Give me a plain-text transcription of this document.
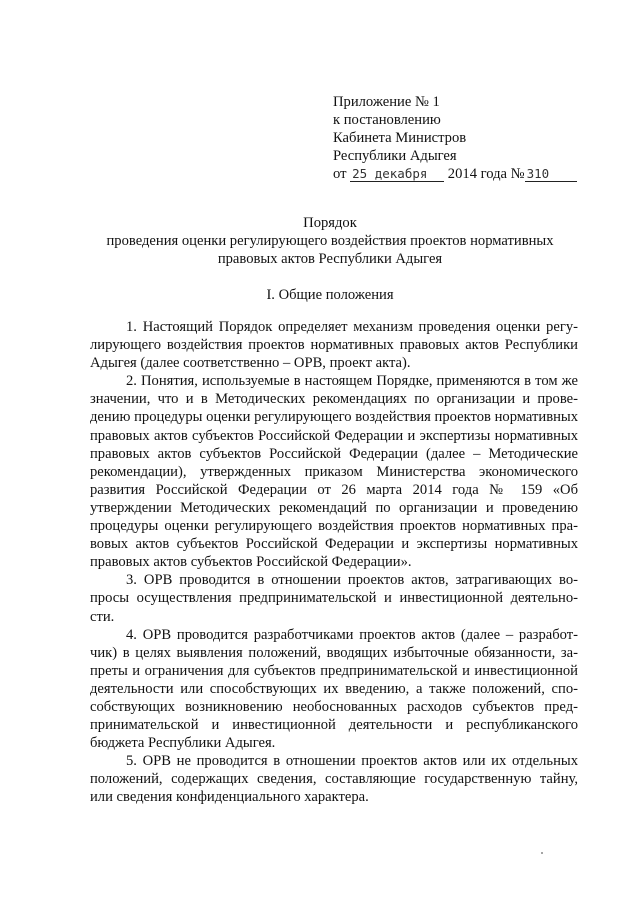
Приложение № 1
к постановлению
Кабинета Министров
Республики Адыгея
от 25 декабря 2014 года № 310
Порядок
проведения оценки регулирующего воздействия проектов нормативных
правовых актов Республики Адыгея
I. Общие положения

1. Настоящий Порядок определяет механизм проведения оценки регулирующего воздействия проектов нормативных правовых актов Республики Адыгея (далее соответственно – ОРВ, проект акта).

2. Понятия, используемые в настоящем Порядке, применяются в том же значении, что и в Методических рекомендациях по организации и проведению процедуры оценки регулирующего воздействия проектов нормативных правовых актов субъектов Российской Федерации и экспертизы нормативных правовых актов субъектов Российской Федерации (далее – Методические рекомендации), утвержденных приказом Министерства экономического развития Российской Федерации от 26 марта 2014 года № 159 «Об утверждении Методических рекомендаций по организации и проведению процедуры оценки регулирующего воздействия проектов нормативных правовых актов субъектов Российской Федерации и экспертизы нормативных правовых актов субъектов Российской Федерации».

3. ОРВ проводится в отношении проектов актов, затрагивающих вопросы осуществления предпринимательской и инвестиционной деятельности.

4. ОРВ проводится разработчиками проектов актов (далее – разработчик) в целях выявления положений, вводящих избыточные обязанности, запреты и ограничения для субъектов предпринимательской и инвестиционной деятельности или способствующих их введению, а также положений, способствующих возникновению необоснованных расходов субъектов предпринимательской и инвестиционной деятельности и республиканского бюджета Республики Адыгея.

5. ОРВ не проводится в отношении проектов актов или их отдельных положений, содержащих сведения, составляющие государственную тайну, или сведения конфиденциального характера.
